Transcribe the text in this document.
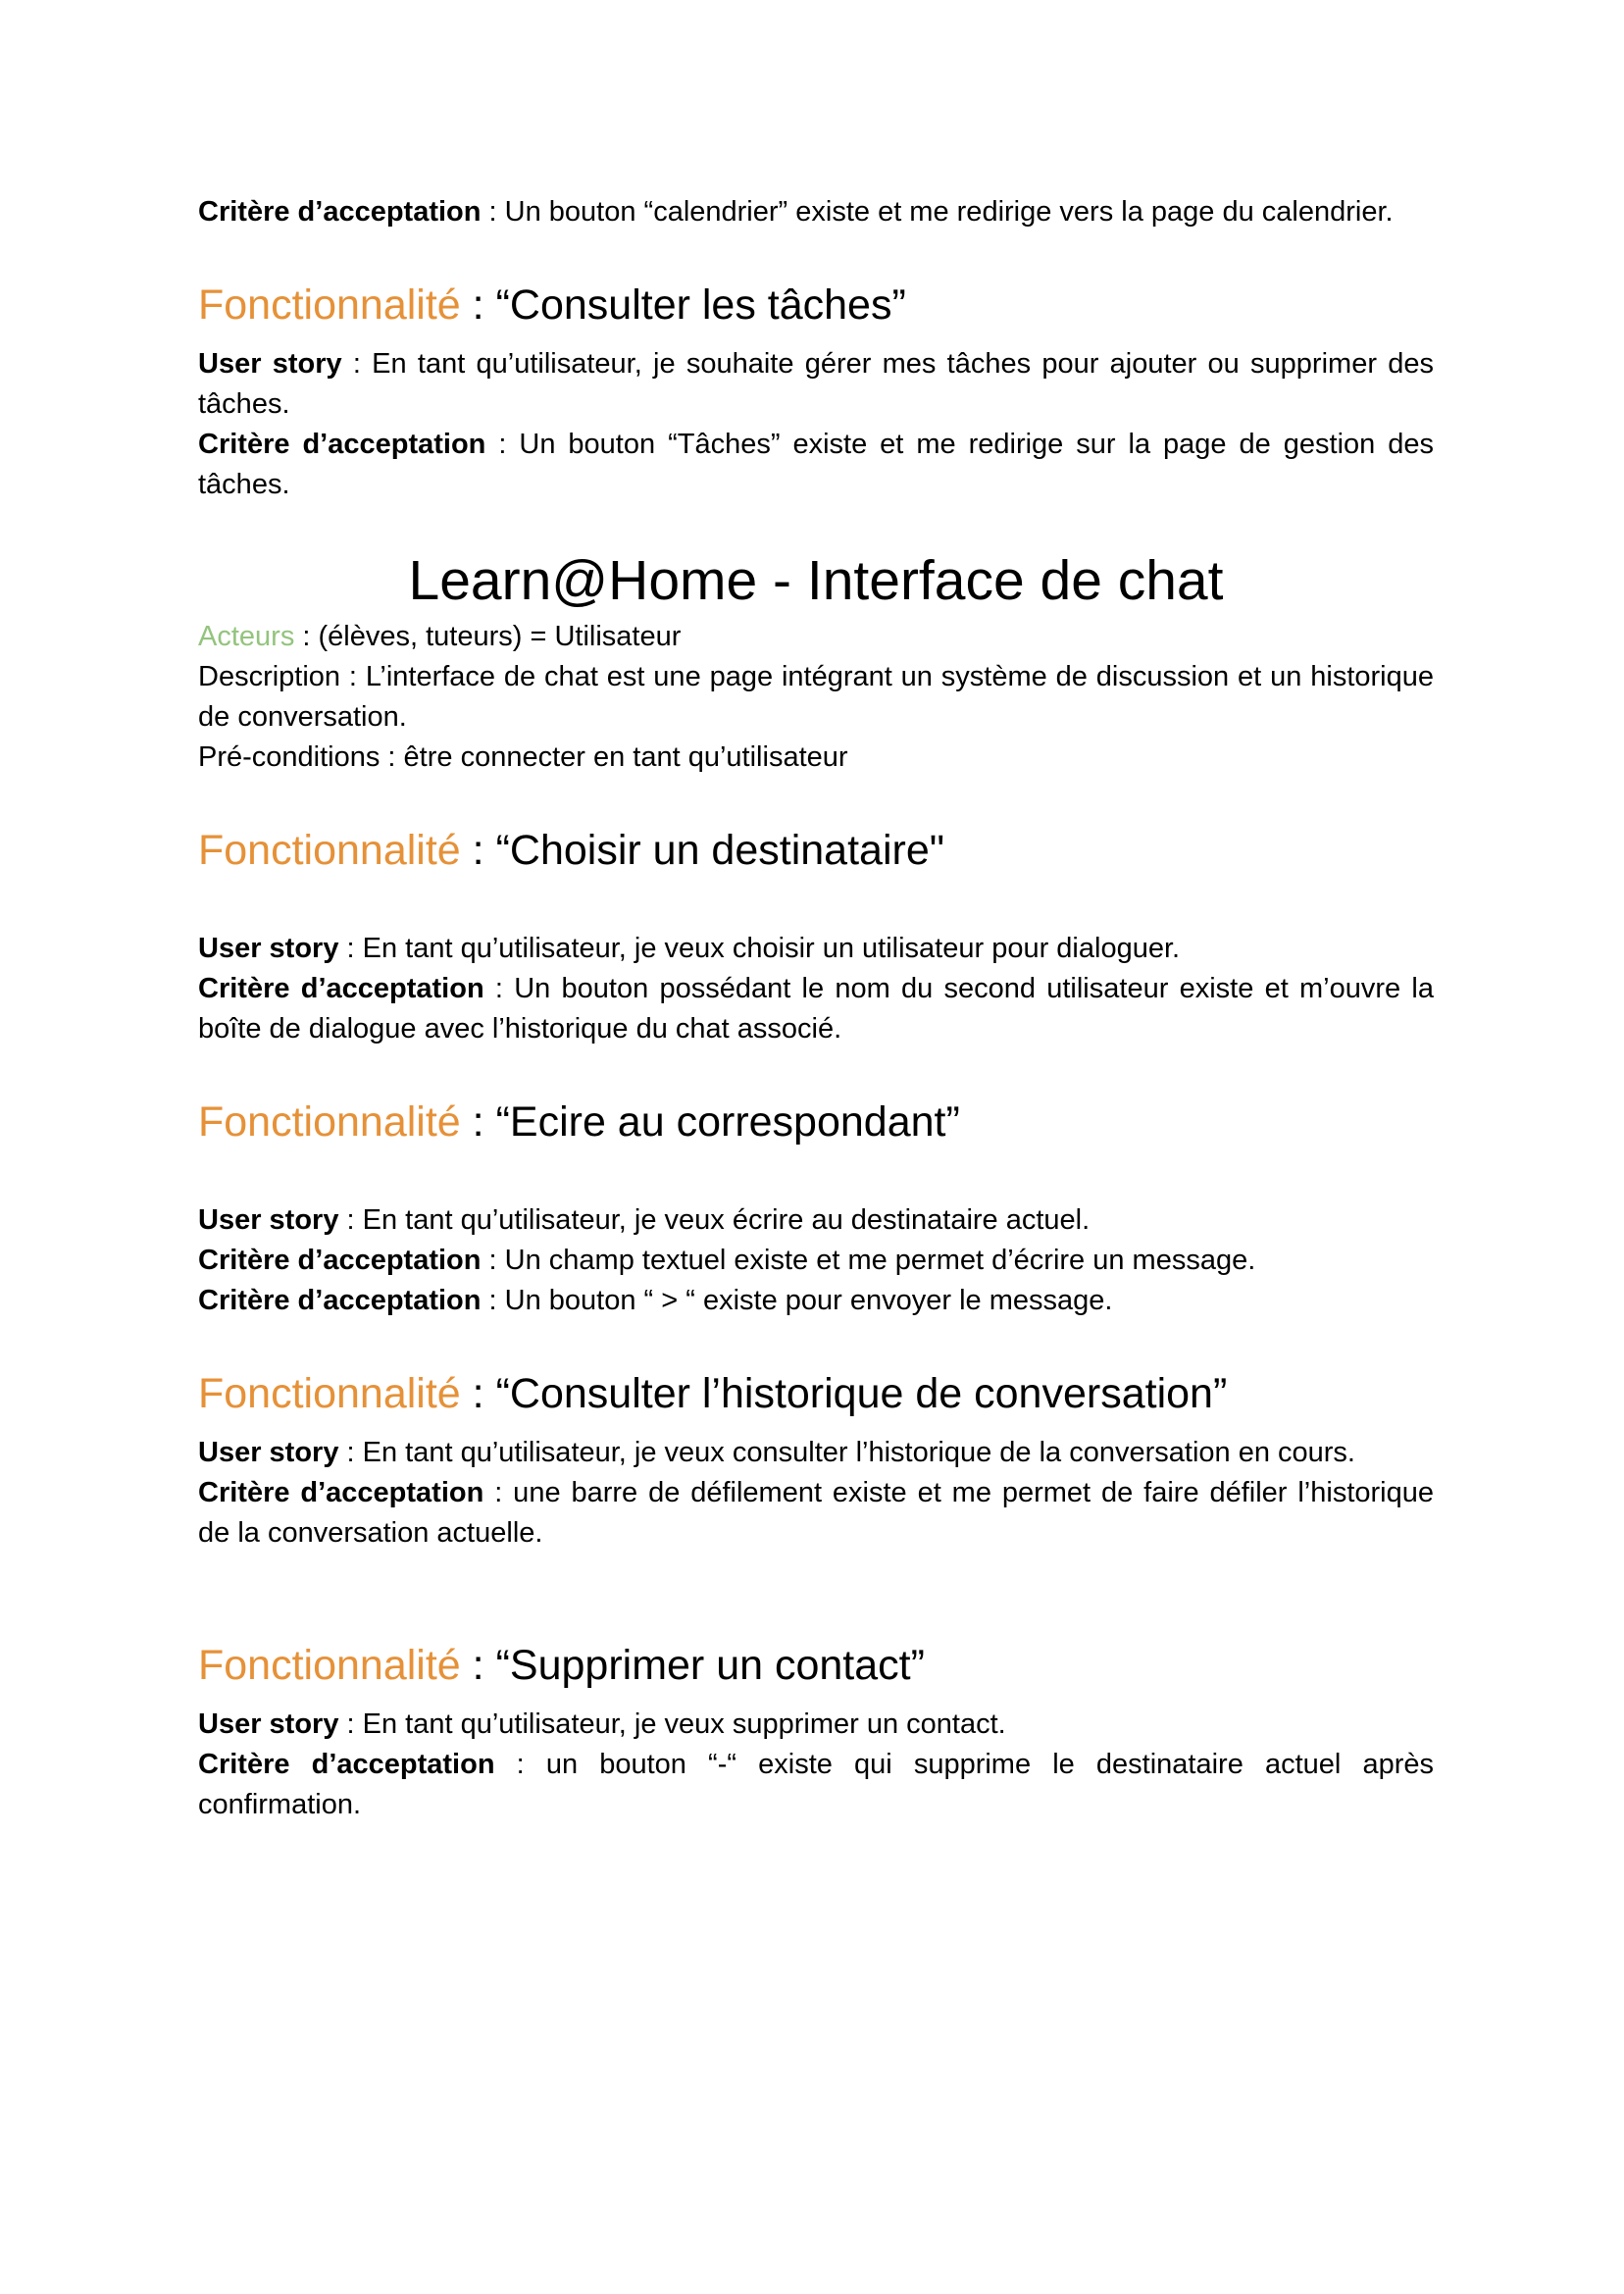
Critère d’acceptation : Un bouton “calendrier” existe et me redirige vers la page du calendrier.

Fonctionnalité : “Consulter les tâches”

User story : En tant qu’utilisateur, je souhaite gérer mes tâches pour ajouter ou supprimer des tâches.

Critère d’acceptation : Un bouton “Tâches” existe et me redirige sur la page de gestion des tâches.

Learn@Home - Interface de chat

Acteurs : (élèves, tuteurs) = Utilisateur

Description : L’interface de chat est une page intégrant un système de discussion et un historique de conversation.

Pré-conditions : être connecter en tant qu’utilisateur

Fonctionnalité : “Choisir un destinataire"

User story : En tant qu’utilisateur, je veux choisir un utilisateur pour dialoguer.

Critère d’acceptation : Un bouton possédant le nom du second utilisateur existe et m’ouvre la boîte de dialogue avec l’historique du chat associé.

Fonctionnalité : “Ecire au correspondant”

User story : En tant qu’utilisateur, je veux écrire au destinataire actuel.

Critère d’acceptation : Un champ textuel existe et me permet d’écrire un message.

Critère d’acceptation : Un bouton “ > “ existe pour envoyer le message.

Fonctionnalité : “Consulter l’historique de conversation”

User story : En tant qu’utilisateur, je veux consulter l’historique de la conversation en cours.

Critère d’acceptation : une barre de défilement existe et me permet de faire défiler l’historique de la conversation actuelle.

Fonctionnalité : “Supprimer un contact”

User story : En tant qu’utilisateur, je veux supprimer un contact.

Critère d’acceptation : un bouton “-“ existe qui supprime le destinataire actuel après confirmation.
